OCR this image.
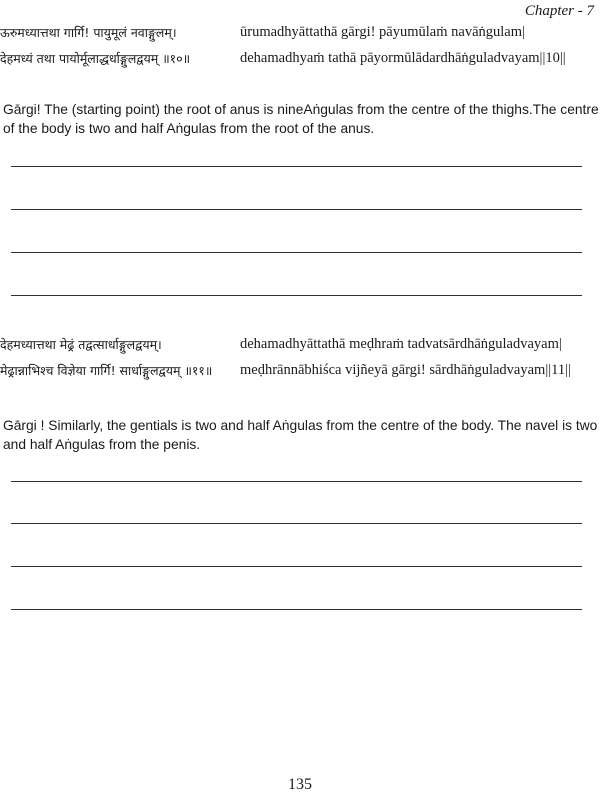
Chapter - 7
ऊरुमध्यात्तथा गार्गि! पायुमूलं नवाङ्गुलम्।	ūrumadhyāttathā gārgi! pāyumūlaṁ navāṅgulam|
देहमध्यं तथा पायोर्मूलाद्धर्धाङ्गुलद्वयम् ॥१०॥	dehamadhyaṁ tathā pāyormūlādardhāṅguladvayam||10||
Gārgi! The (starting point) the root of anus is nineAṅgulas from the centre of the thighs.The centre
of the body is two and half Aṅgulas from the root of the anus.
देहमध्यात्तथा मेढ्रं तद्वत्सार्धाङ्गुलद्वयम्।	dehamadhyāttathā meḍhraṁ tadvatsārdhāṅguladvayam|
मेढ्रान्नाभिश्च विज्ञेया गार्गि! सार्धाङ्गुलद्वयम् ॥११॥ meḍhrānnābhiśca vijñeyā gārgi! sārdhāṅguladvayam||11||
Gārgi ! Similarly, the gentials is two and half Aṅgulas from the centre of the body. The navel is two
and half Aṅgulas from the penis.
135
